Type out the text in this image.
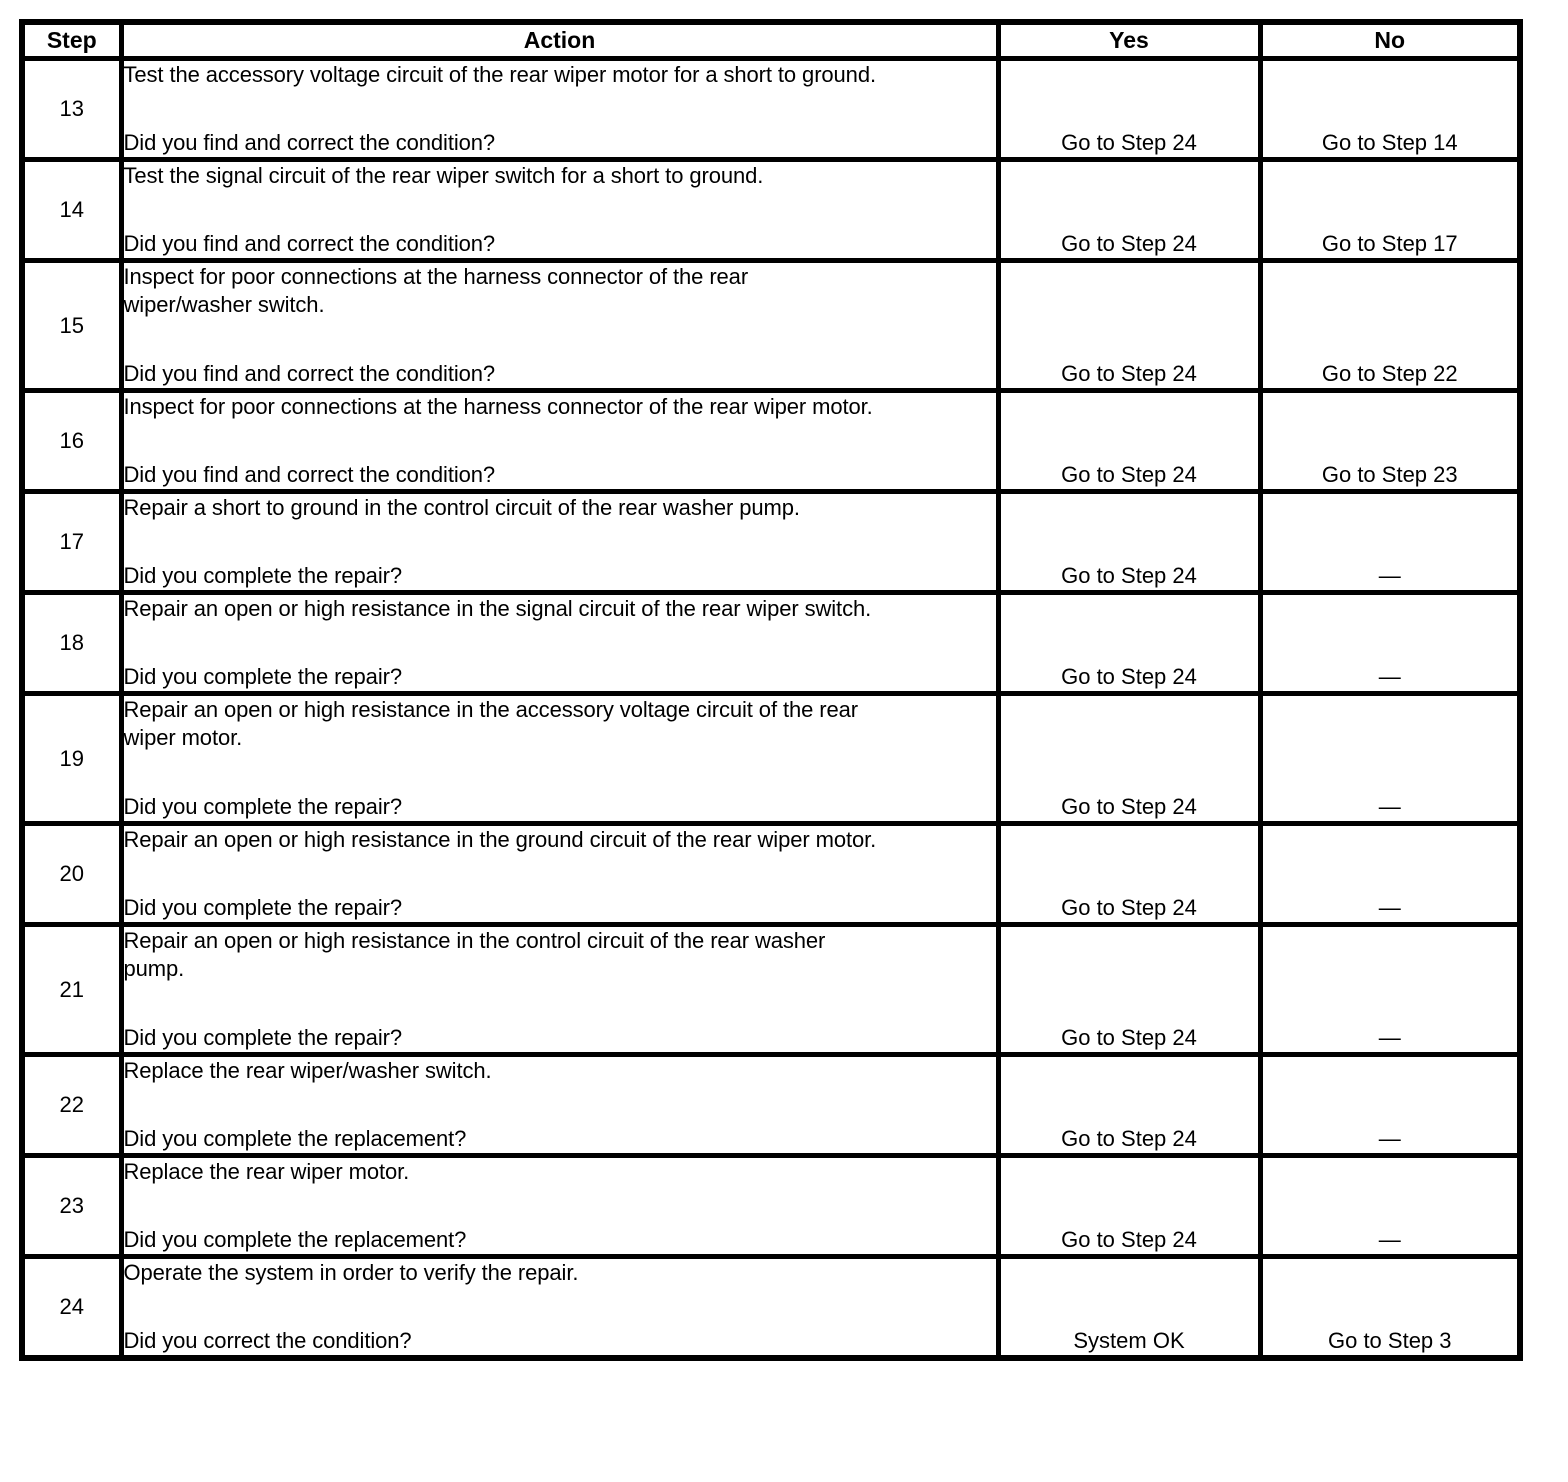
Step	Action	Yes	No
13	Test the accessory voltage circuit of the rear wiper motor for a short to ground.
Did you find and correct the condition?	Go to Step 24	Go to Step 14
14	Test the signal circuit of the rear wiper switch for a short to ground.
Did you find and correct the condition?	Go to Step 24	Go to Step 17
15	Inspect for poor connections at the harness connector of the rear
wiper/washer switch.
Did you find and correct the condition?	Go to Step 24	Go to Step 22
16	Inspect for poor connections at the harness connector of the rear wiper motor.
Did you find and correct the condition?	Go to Step 24	Go to Step 23
17	Repair a short to ground in the control circuit of the rear washer pump.
Did you complete the repair?	Go to Step 24	—
18	Repair an open or high resistance in the signal circuit of the rear wiper switch.
Did you complete the repair?	Go to Step 24	—
19	Repair an open or high resistance in the accessory voltage circuit of the rear
wiper motor.
Did you complete the repair?	Go to Step 24	—
20	Repair an open or high resistance in the ground circuit of the rear wiper motor.
Did you complete the repair?	Go to Step 24	—
21	Repair an open or high resistance in the control circuit of the rear washer
pump.
Did you complete the repair?	Go to Step 24	—
22	Replace the rear wiper/washer switch.
Did you complete the replacement?	Go to Step 24	—
23	Replace the rear wiper motor.
Did you complete the replacement?	Go to Step 24	—
24	Operate the system in order to verify the repair.
Did you correct the condition?	System OK	Go to Step 3
